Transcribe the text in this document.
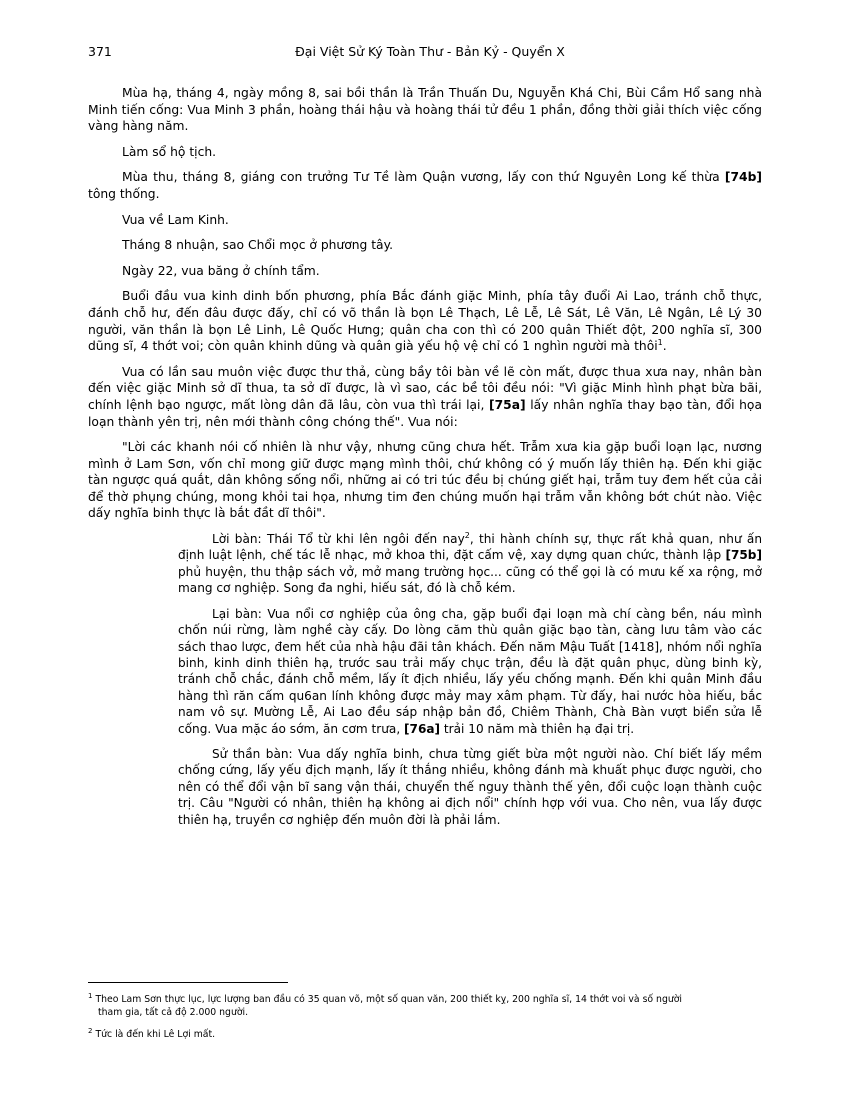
371	Đại Việt Sử Ký Toàn Thư - Bản Kỷ - Quyển X

Mùa hạ, tháng 4, ngày mồng 8, sai bồi thần là Trần Thuấn Du, Nguyễn Khá Chi, Bùi Cầm Hổ sang nhà Minh tiến cống: Vua Minh 3 phần, hoàng thái hậu và hoàng thái tử đều 1 phần, đồng thời giải thích việc cống vàng hàng năm.

Làm sổ hộ tịch.

Mùa thu, tháng 8, giáng con trưởng Tư Tề làm Quận vương, lấy con thứ Nguyên Long kế thừa [74b] tông thống.

Vua về Lam Kinh.

Tháng 8 nhuận, sao Chổi mọc ở phương tây.

Ngày 22, vua băng ở chính tẩm.

Buổi đầu vua kinh dinh bốn phương, phía Bắc đánh giặc Minh, phía tây đuổi Ai Lao, tránh chỗ thực, đánh chỗ hư, đến đâu được đấy, chỉ có võ thần là bọn Lê Thạch, Lê Lễ, Lê Sát, Lê Văn, Lê Ngân, Lê Lý 30 người, văn thần là bọn Lê Linh, Lê Quốc Hưng; quân cha con thì có 200 quân Thiết đột, 200 nghĩa sĩ, 300 dũng sĩ, 4 thớt voi; còn quân khinh dũng và quân già yếu hộ vệ chỉ có 1 nghìn người mà thôi$^1$.

Vua có lần sau muôn việc được thư thả, cùng bầy tôi bàn về lẽ còn mất, được thua xưa nay, nhân bàn đến việc giặc Minh sở dĩ thua, ta sở dĩ được, là vì sao, các bề tôi đều nói: "Vì giặc Minh hình phạt bừa bãi, chính lệnh bạo ngược, mất lòng dân đã lâu, còn vua thì trái lại, [75a] lấy nhân nghĩa thay bạo tàn, đổi họa loạn thành yên trị, nên mới thành công chóng thế". Vua nói:

"Lời các khanh nói cố nhiên là như vậy, nhưng cũng chưa hết. Trẫm xưa kia gặp buổi loạn lạc, nương mình ở Lam Sơn, vốn chỉ mong giữ được mạng mình thôi, chứ không có ý muốn lấy thiên hạ. Đến khi giặc tàn ngược quá quắt, dân không sống nổi, những ai có tri túc đều bị chúng giết hại, trẫm tuy đem hết của cải để thờ phụng chúng, mong khỏi tai họa, nhưng tim đen chúng muốn hại trẫm vẫn không bớt chút nào. Việc dấy nghĩa binh thực là bắt đầt dĩ thôi".

Lời bàn: Thái Tổ từ khi lên ngôi đến nay$^2$, thi hành chính sự, thực rất khả quan, như ấn định luật lệnh, chế tác lễ nhạc, mở khoa thi, đặt cấm vệ, xay dựng quan chức, thành lập [75b] phủ huyện, thu thập sách vở, mở mang trường học... cũng có thể gọi là có mưu kế xa rộng, mở mang cơ nghiệp. Song đa nghi, hiếu sát, đó là chỗ kém.

Lại bàn: Vua nổi cơ nghiệp của ông cha, gặp buổi đại loạn mà chí càng bền, náu mình chốn núi rừng, làm nghề cày cấy. Do lòng căm thù quân giặc bạo tàn, càng lưu tâm vào các sách thao lược, đem hết của nhà hậu đãi tân khách. Đến năm Mậu Tuất [1418], nhóm nổi nghĩa binh, kinh dinh thiên hạ, trước sau trải mấy chục trận, đều là đặt quân phục, dùng binh kỳ, tránh chỗ chắc, đánh chỗ mềm, lấy ít địch nhiều, lấy yếu chống mạnh. Đến khi quân Minh đầu hàng thì răn cấm qu6an lính không được mảy may xâm phạm. Từ đấy, hai nước hòa hiếu, bắc nam vô sự. Mường Lễ, Ai Lao đều sáp nhập bản đồ, Chiêm Thành, Chà Bàn vượt biển sửa lễ cống. Vua mặc áo sớm, ăn cơm trưa, [76a] trải 10 năm mà thiên hạ đại trị.

Sử thần bàn: Vua dấy nghĩa binh, chưa từng giết bừa một người nào. Chí biết lấy mềm chống cứng, lấy yếu địch mạnh, lấy ít thắng nhiều, không đánh mà khuất phục được người, cho nên có thể đổi vận bĩ sang vận thái, chuyển thế nguy thành thế yên, đổi cuộc loạn thành cuộc trị. Câu "Người có nhân, thiên hạ không ai địch nổi" chính hợp với vua. Cho nên, vua lấy được thiên hạ, truyền cơ nghiệp đến muôn đời là phải lắm.

$^1$ Theo Lam Sơn thực lục, lực lượng ban đầu có 35 quan võ, một số quan văn, 200 thiết kỵ, 200 nghĩa sĩ, 14 thớt voi và số người
tham gia, tất cả độ 2.000 người.
$^2$ Tức là đến khi Lê Lợi mất.
